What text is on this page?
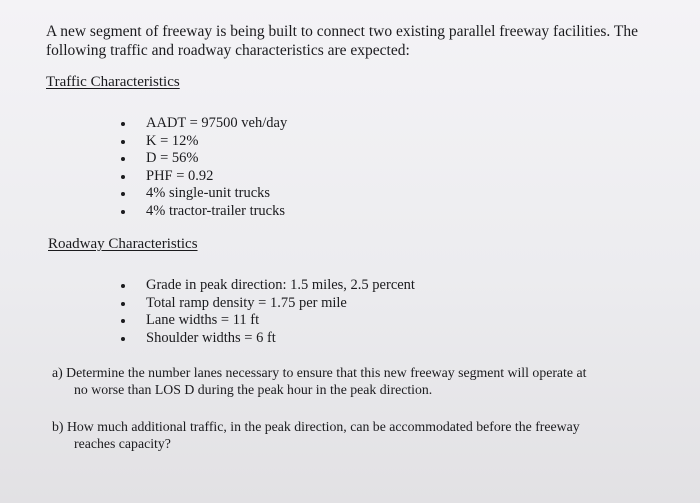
A new segment of freeway is being built to connect two existing parallel freeway facilities. The
following traffic and roadway characteristics are expected:

Traffic Characteristics

AADT = 97500 veh/day
K = 12%
D = 56%
PHF = 0.92
4% single-unit trucks
4% tractor-trailer trucks

Roadway Characteristics

Grade in peak direction: 1.5 miles, 2.5 percent
Total ramp density = 1.75 per mile
Lane widths = 11 ft
Shoulder widths = 6 ft

a) Determine the number lanes necessary to ensure that this new freeway segment will operate at
no worse than LOS D during the peak hour in the peak direction.

b) How much additional traffic, in the peak direction, can be accommodated before the freeway
reaches capacity?
